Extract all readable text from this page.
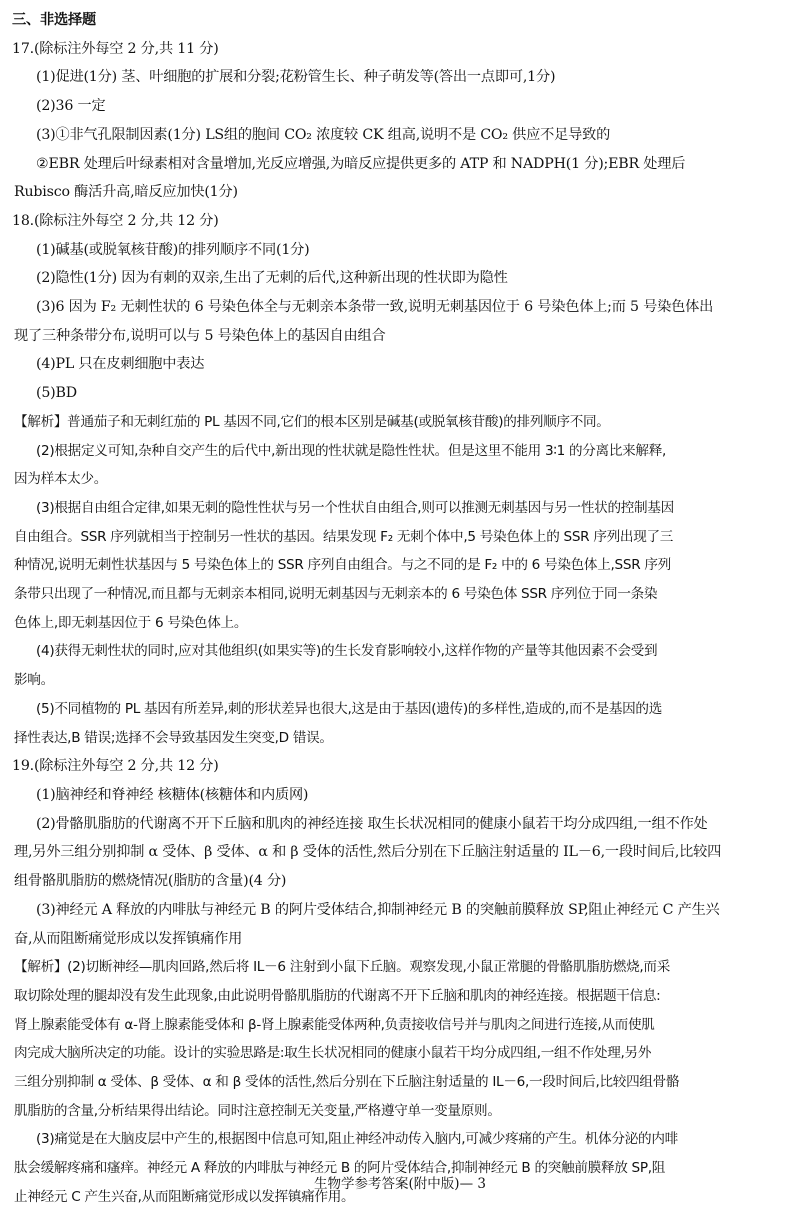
三、非选择题
17.(除标注外每空 2 分,共 11 分)
(1)促进(1分) 茎、叶细胞的扩展和分裂;花粉管生长、种子萌发等(答出一点即可,1分)
(2)36 一定
(3)①非气孔限制因素(1分) LS组的胞间 CO₂ 浓度较 CK 组高,说明不是 CO₂ 供应不足导致的
②EBR 处理后叶绿素相对含量增加,光反应增强,为暗反应提供更多的 ATP 和 NADPH(1 分);EBR 处理后
Rubisco 酶活升高,暗反应加快(1分)
18.(除标注外每空 2 分,共 12 分)
(1)碱基(或脱氧核苷酸)的排列顺序不同(1分)
(2)隐性(1分) 因为有刺的双亲,生出了无刺的后代,这种新出现的性状即为隐性
(3)6 因为 F₂ 无刺性状的 6 号染色体全与无刺亲本条带一致,说明无刺基因位于 6 号染色体上;而 5 号染色体出
现了三种条带分布,说明可以与 5 号染色体上的基因自由组合
(4)PL 只在皮刺细胞中表达
(5)BD
【解析】普通茄子和无刺红茄的 PL 基因不同,它们的根本区别是碱基(或脱氧核苷酸)的排列顺序不同。
(2)根据定义可知,杂种自交产生的后代中,新出现的性状就是隐性性状。但是这里不能用 3∶1 的分离比来解释,
因为样本太少。
(3)根据自由组合定律,如果无刺的隐性性状与另一个性状自由组合,则可以推测无刺基因与另一性状的控制基因
自由组合。SSR 序列就相当于控制另一性状的基因。结果发现 F₂ 无刺个体中,5 号染色体上的 SSR 序列出现了三
种情况,说明无刺性状基因与 5 号染色体上的 SSR 序列自由组合。与之不同的是 F₂ 中的 6 号染色体上,SSR 序列
条带只出现了一种情况,而且都与无刺亲本相同,说明无刺基因与无刺亲本的 6 号染色体 SSR 序列位于同一条染
色体上,即无刺基因位于 6 号染色体上。
(4)获得无刺性状的同时,应对其他组织(如果实等)的生长发育影响较小,这样作物的产量等其他因素不会受到
影响。
(5)不同植物的 PL 基因有所差异,刺的形状差异也很大,这是由于基因(遗传)的多样性,造成的,而不是基因的选
择性表达,B 错误;选择不会导致基因发生突变,D 错误。
19.(除标注外每空 2 分,共 12 分)
(1)脑神经和脊神经 核糖体(核糖体和内质网)
(2)骨骼肌脂肪的代谢离不开下丘脑和肌肉的神经连接 取生长状况相同的健康小鼠若干均分成四组,一组不作处
理,另外三组分别抑制 α 受体、β 受体、α 和 β 受体的活性,然后分别在下丘脑注射适量的 IL－6,一段时间后,比较四
组骨骼肌脂肪的燃烧情况(脂肪的含量)(4 分)
(3)神经元 A 释放的内啡肽与神经元 B 的阿片受体结合,抑制神经元 B 的突触前膜释放 SP,阻止神经元 C 产生兴
奋,从而阻断痛觉形成以发挥镇痛作用
【解析】(2)切断神经—肌肉回路,然后将 IL－6 注射到小鼠下丘脑。观察发现,小鼠正常腿的骨骼肌脂肪燃烧,而采
取切除处理的腿却没有发生此现象,由此说明骨骼肌脂肪的代谢离不开下丘脑和肌肉的神经连接。根据题干信息:
肾上腺素能受体有 α-肾上腺素能受体和 β-肾上腺素能受体两种,负责接收信号并与肌肉之间进行连接,从而使肌
肉完成大脑所决定的功能。设计的实验思路是:取生长状况相同的健康小鼠若干均分成四组,一组不作处理,另外
三组分别抑制 α 受体、β 受体、α 和 β 受体的活性,然后分别在下丘脑注射适量的 IL－6,一段时间后,比较四组骨骼
肌脂肪的含量,分析结果得出结论。同时注意控制无关变量,严格遵守单一变量原则。
(3)痛觉是在大脑皮层中产生的,根据图中信息可知,阻止神经冲动传入脑内,可减少疼痛的产生。机体分泌的内啡
肽会缓解疼痛和瘙痒。神经元 A 释放的内啡肽与神经元 B 的阿片受体结合,抑制神经元 B 的突触前膜释放 SP,阻
止神经元 C 产生兴奋,从而阻断痛觉形成以发挥镇痛作用。
生物学参考答案(附中版)— 3
